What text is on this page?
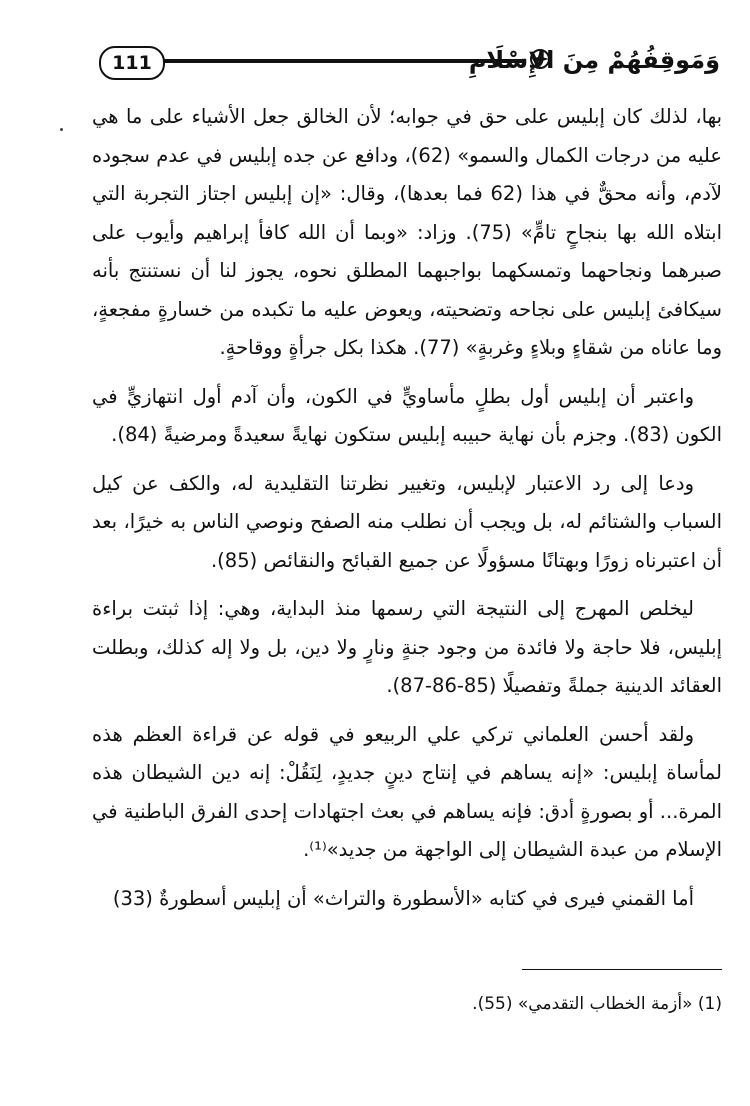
111	وَمَوقِفُهُمْ مِنَ الإِسْلَامِ

بها، لذلك كان إبليس على حق في جوابه؛ لأن الخالق جعل الأشياء على ما هي عليه من درجات الكمال والسمو» (62)، ودافع عن جده إبليس في عدم سجوده لآدم، وأنه محقٌّ في هذا (62 فما بعدها)، وقال: «إن إبليس اجتاز التجربة التي ابتلاه الله بها بنجاحٍ تامٍّ» (75). وزاد: «وبما أن الله كافأ إبراهيم وأيوب على صبرهما ونجاحهما وتمسكهما بواجبهما المطلق نحوه، يجوز لنا أن نستنتج بأنه سيكافئ إبليس على نجاحه وتضحيته، ويعوض عليه ما تكبده من خسارةٍ مفجعةٍ، وما عاناه من شقاءٍ وبلاءٍ وغربةٍ» (77). هكذا بكل جرأةٍ ووقاحةٍ.

واعتبر أن إبليس أول بطلٍ مأساويٍّ في الكون، وأن آدم أول انتهازيٍّ في الكون (83). وجزم بأن نهاية حبيبه إبليس ستكون نهايةً سعيدةً ومرضيةً (84).

ودعا إلى رد الاعتبار لإبليس، وتغيير نظرتنا التقليدية له، والكف عن كيل السباب والشتائم له، بل ويجب أن نطلب منه الصفح ونوصي الناس به خيرًا، بعد أن اعتبرناه زورًا وبهتانًا مسؤولًا عن جميع القبائح والنقائص (85).

ليخلص المهرج إلى النتيجة التي رسمها منذ البداية، وهي: إذا ثبتت براءة إبليس، فلا حاجة ولا فائدة من وجود جنةٍ ونارٍ ولا دين، بل ولا إله كذلك، وبطلت العقائد الدينية جملةً وتفصيلًا (85-86-87).

ولقد أحسن العلماني تركي علي الربيعو في قوله عن قراءة العظم هذه لمأساة إبليس: «إنه يساهم في إنتاج دينٍ جديدٍ، لِنَقُلْ: إنه دين الشيطان هذه المرة... أو بصورةٍ أدق: فإنه يساهم في بعث اجتهادات إحدى الفرق الباطنية في الإسلام من عبدة الشيطان إلى الواجهة من جديد»⁽¹⁾.

أما القمني فيرى في كتابه «الأسطورة والتراث» أن إبليس أسطورةٌ (33)

(1) «أزمة الخطاب التقدمي» (55).
